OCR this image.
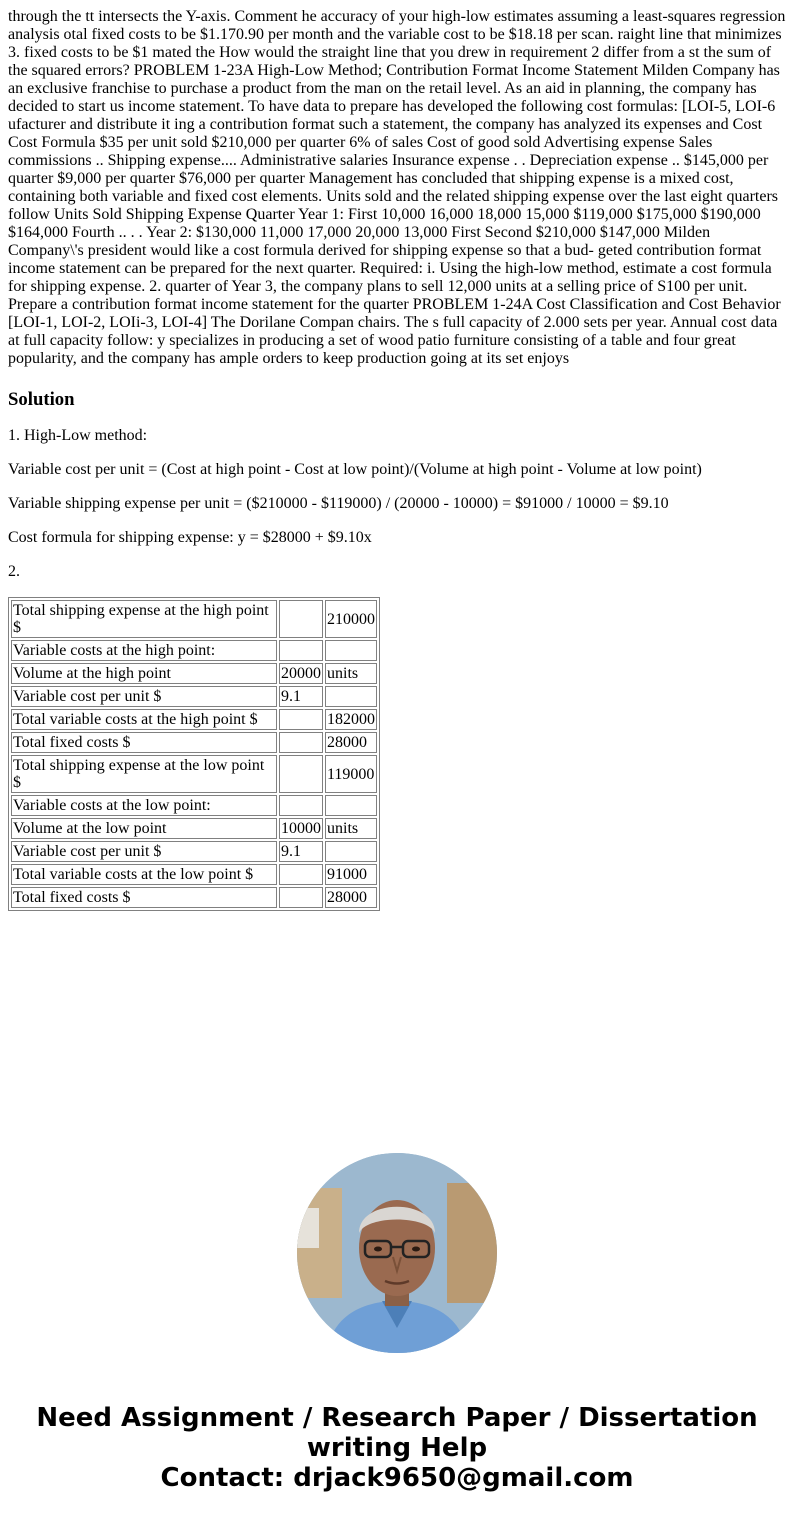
through the tt intersects the Y-axis. Comment he accuracy of your high-low estimates assuming a least-squares regression analysis otal fixed costs to be $1.170.90 per month and the variable cost to be $18.18 per scan. raight line that minimizes 3. fixed costs to be $1 mated the How would the straight line that you drew in requirement 2 differ from a st the sum of the squared errors? PROBLEM 1-23A High-Low Method; Contribution Format Income Statement Milden Company has an exclusive franchise to purchase a product from the man on the retail level. As an aid in planning, the company has decided to start us income statement. To have data to prepare has developed the following cost formulas: [LOI-5, LOI-6 ufacturer and distribute it ing a contribution format such a statement, the company has analyzed its expenses and Cost Cost Formula $35 per unit sold $210,000 per quarter 6% of sales Cost of good sold Advertising expense Sales commissions .. Shipping expense.... Administrative salaries Insurance expense . . Depreciation expense .. $145,000 per quarter $9,000 per quarter $76,000 per quarter Management has concluded that shipping expense is a mixed cost, containing both variable and fixed cost elements. Units sold and the related shipping expense over the last eight quarters follow Units Sold Shipping Expense Quarter Year 1: First 10,000 16,000 18,000 15,000 $119,000 $175,000 $190,000 $164,000 Fourth .. . . Year 2: $130,000 11,000 17,000 20,000 13,000 First Second $210,000 $147,000 Milden Company\'s president would like a cost formula derived for shipping expense so that a bud- geted contribution format income statement can be prepared for the next quarter. Required: i. Using the high-low method, estimate a cost formula for shipping expense. 2. quarter of Year 3, the company plans to sell 12,000 units at a selling price of S100 per unit. Prepare a contribution format income statement for the quarter PROBLEM 1-24A Cost Classification and Cost Behavior [LOI-1, LOI-2, LOIi-3, LOI-4] The Dorilane Compan chairs. The s full capacity of 2.000 sets per year. Annual cost data at full capacity follow: y specializes in producing a set of wood patio furniture consisting of a table and four great popularity, and the company has ample orders to keep production going at its set enjoys

Solution

1. High-Low method:

Variable cost per unit = (Cost at high point - Cost at low point)/(Volume at high point - Volume at low point)

Variable shipping expense per unit = ($210000 - $119000) / (20000 - 10000) = $91000 / 10000 = $9.10

Cost formula for shipping expense: y = $28000 + $9.10x

2.

Total shipping expense at the high point $		210000
Variable costs at the high point:		
Volume at the high point	20000	units
Variable cost per unit $	9.1	
Total variable costs at the high point $		182000
Total fixed costs $		28000
Total shipping expense at the low point $		119000
Variable costs at the low point:		
Volume at the low point	10000	units
Variable cost per unit $	9.1	
Total variable costs at the low point $		91000
Total fixed costs $		28000
Need Assignment / Research Paper / Dissertation
writing Help
Contact: drjack9650@gmail.com
